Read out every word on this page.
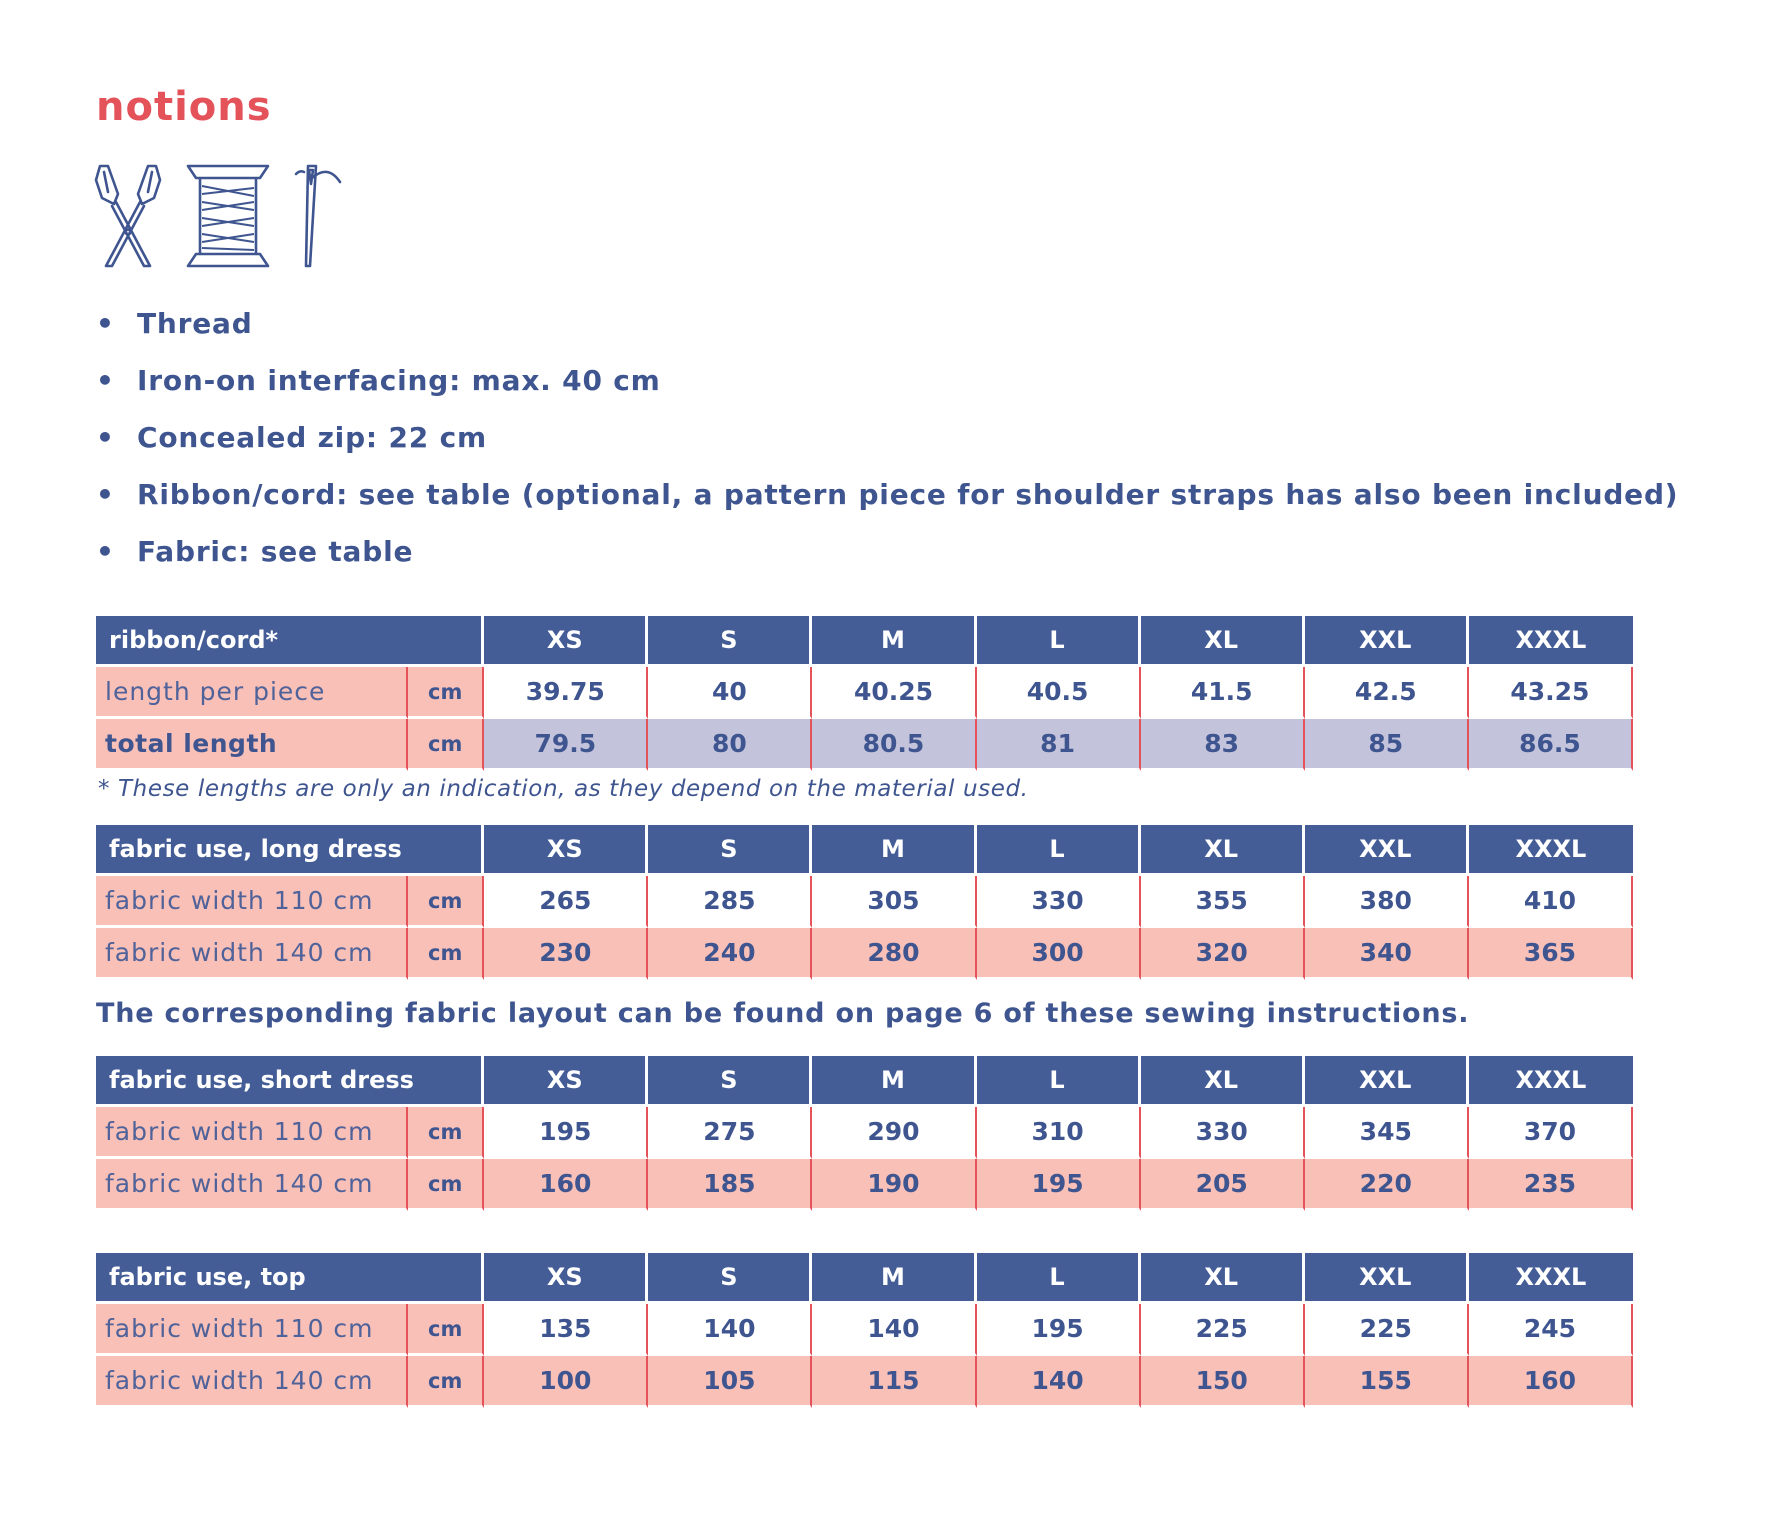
notions
• Thread
• Iron-on interfacing: max. 40 cm
• Concealed zip: 22 cm
• Ribbon/cord: see table (optional, a pattern piece for shoulder straps has also been included)
• Fabric: see table
ribbon/cord*		XS	S	M	L	XL	XXL	XXXL
length per piece	cm	39.75	40	40.25	40.5	41.5	42.5	43.25
total length	cm	79.5	80	80.5	81	83	85	86.5

* These lengths are only an indication, as they depend on the material used.

fabric use, long dress		XS	S	M	L	XL	XXL	XXXL
fabric width 110 cm	cm	265	285	305	330	355	380	410
fabric width 140 cm	cm	230	240	280	300	320	340	365

The corresponding fabric layout can be found on page 6 of these sewing instructions.

fabric use, short dress		XS	S	M	L	XL	XXL	XXXL
fabric width 110 cm	cm	195	275	290	310	330	345	370
fabric width 140 cm	cm	160	185	190	195	205	220	235
fabric use, top		XS	S	M	L	XL	XXL	XXXL
fabric width 110 cm	cm	135	140	140	195	225	225	245
fabric width 140 cm	cm	100	105	115	140	150	155	160
